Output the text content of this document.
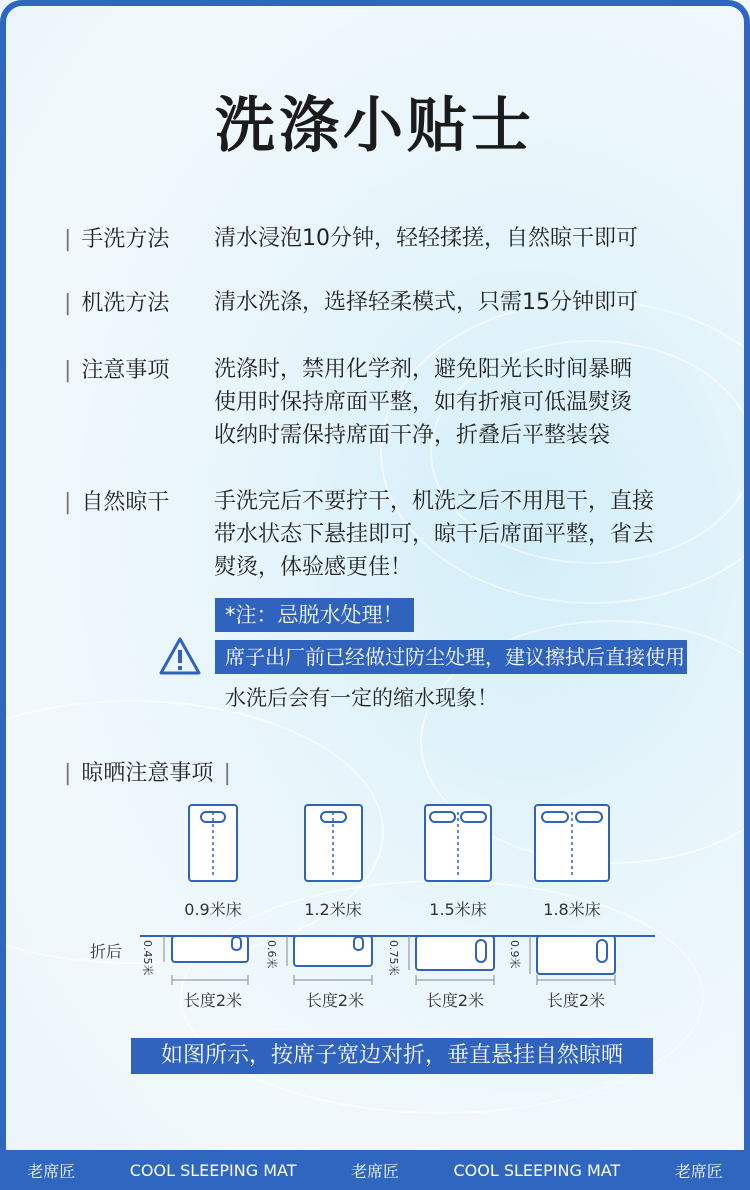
洗涤小贴士
| 手洗方法 清水浸泡10分钟，轻轻揉搓，自然晾干即可
| 机洗方法 清水洗涤，选择轻柔模式，只需15分钟即可
| 注意事项 洗涤时，禁用化学剂，避免阳光长时间暴晒
使用时保持席面平整，如有折痕可低温熨烫
收纳时需保持席面干净，折叠后平整装袋
| 自然晾干 手洗完后不要拧干，机洗之后不用甩干，直接
带水状态下悬挂即可，晾干后席面平整，省去
熨烫，体验感更佳！
*注：忌脱水处理！
席子出厂前已经做过防尘处理，建议擦拭后直接使用
水洗后会有一定的缩水现象！
| 晾晒注意事项 |
0.9米床	1.2米床	1.5米床	1.8米床
折后 0.45米	0.6米	0.75米	0.9米
长度2米	长度2米	长度2米	长度2米
如图所示，按席子宽边对折，垂直悬挂自然晾晒
老席匠	COOL SLEEPING MAT	老席匠	COOL SLEEPING MAT	老席匠
